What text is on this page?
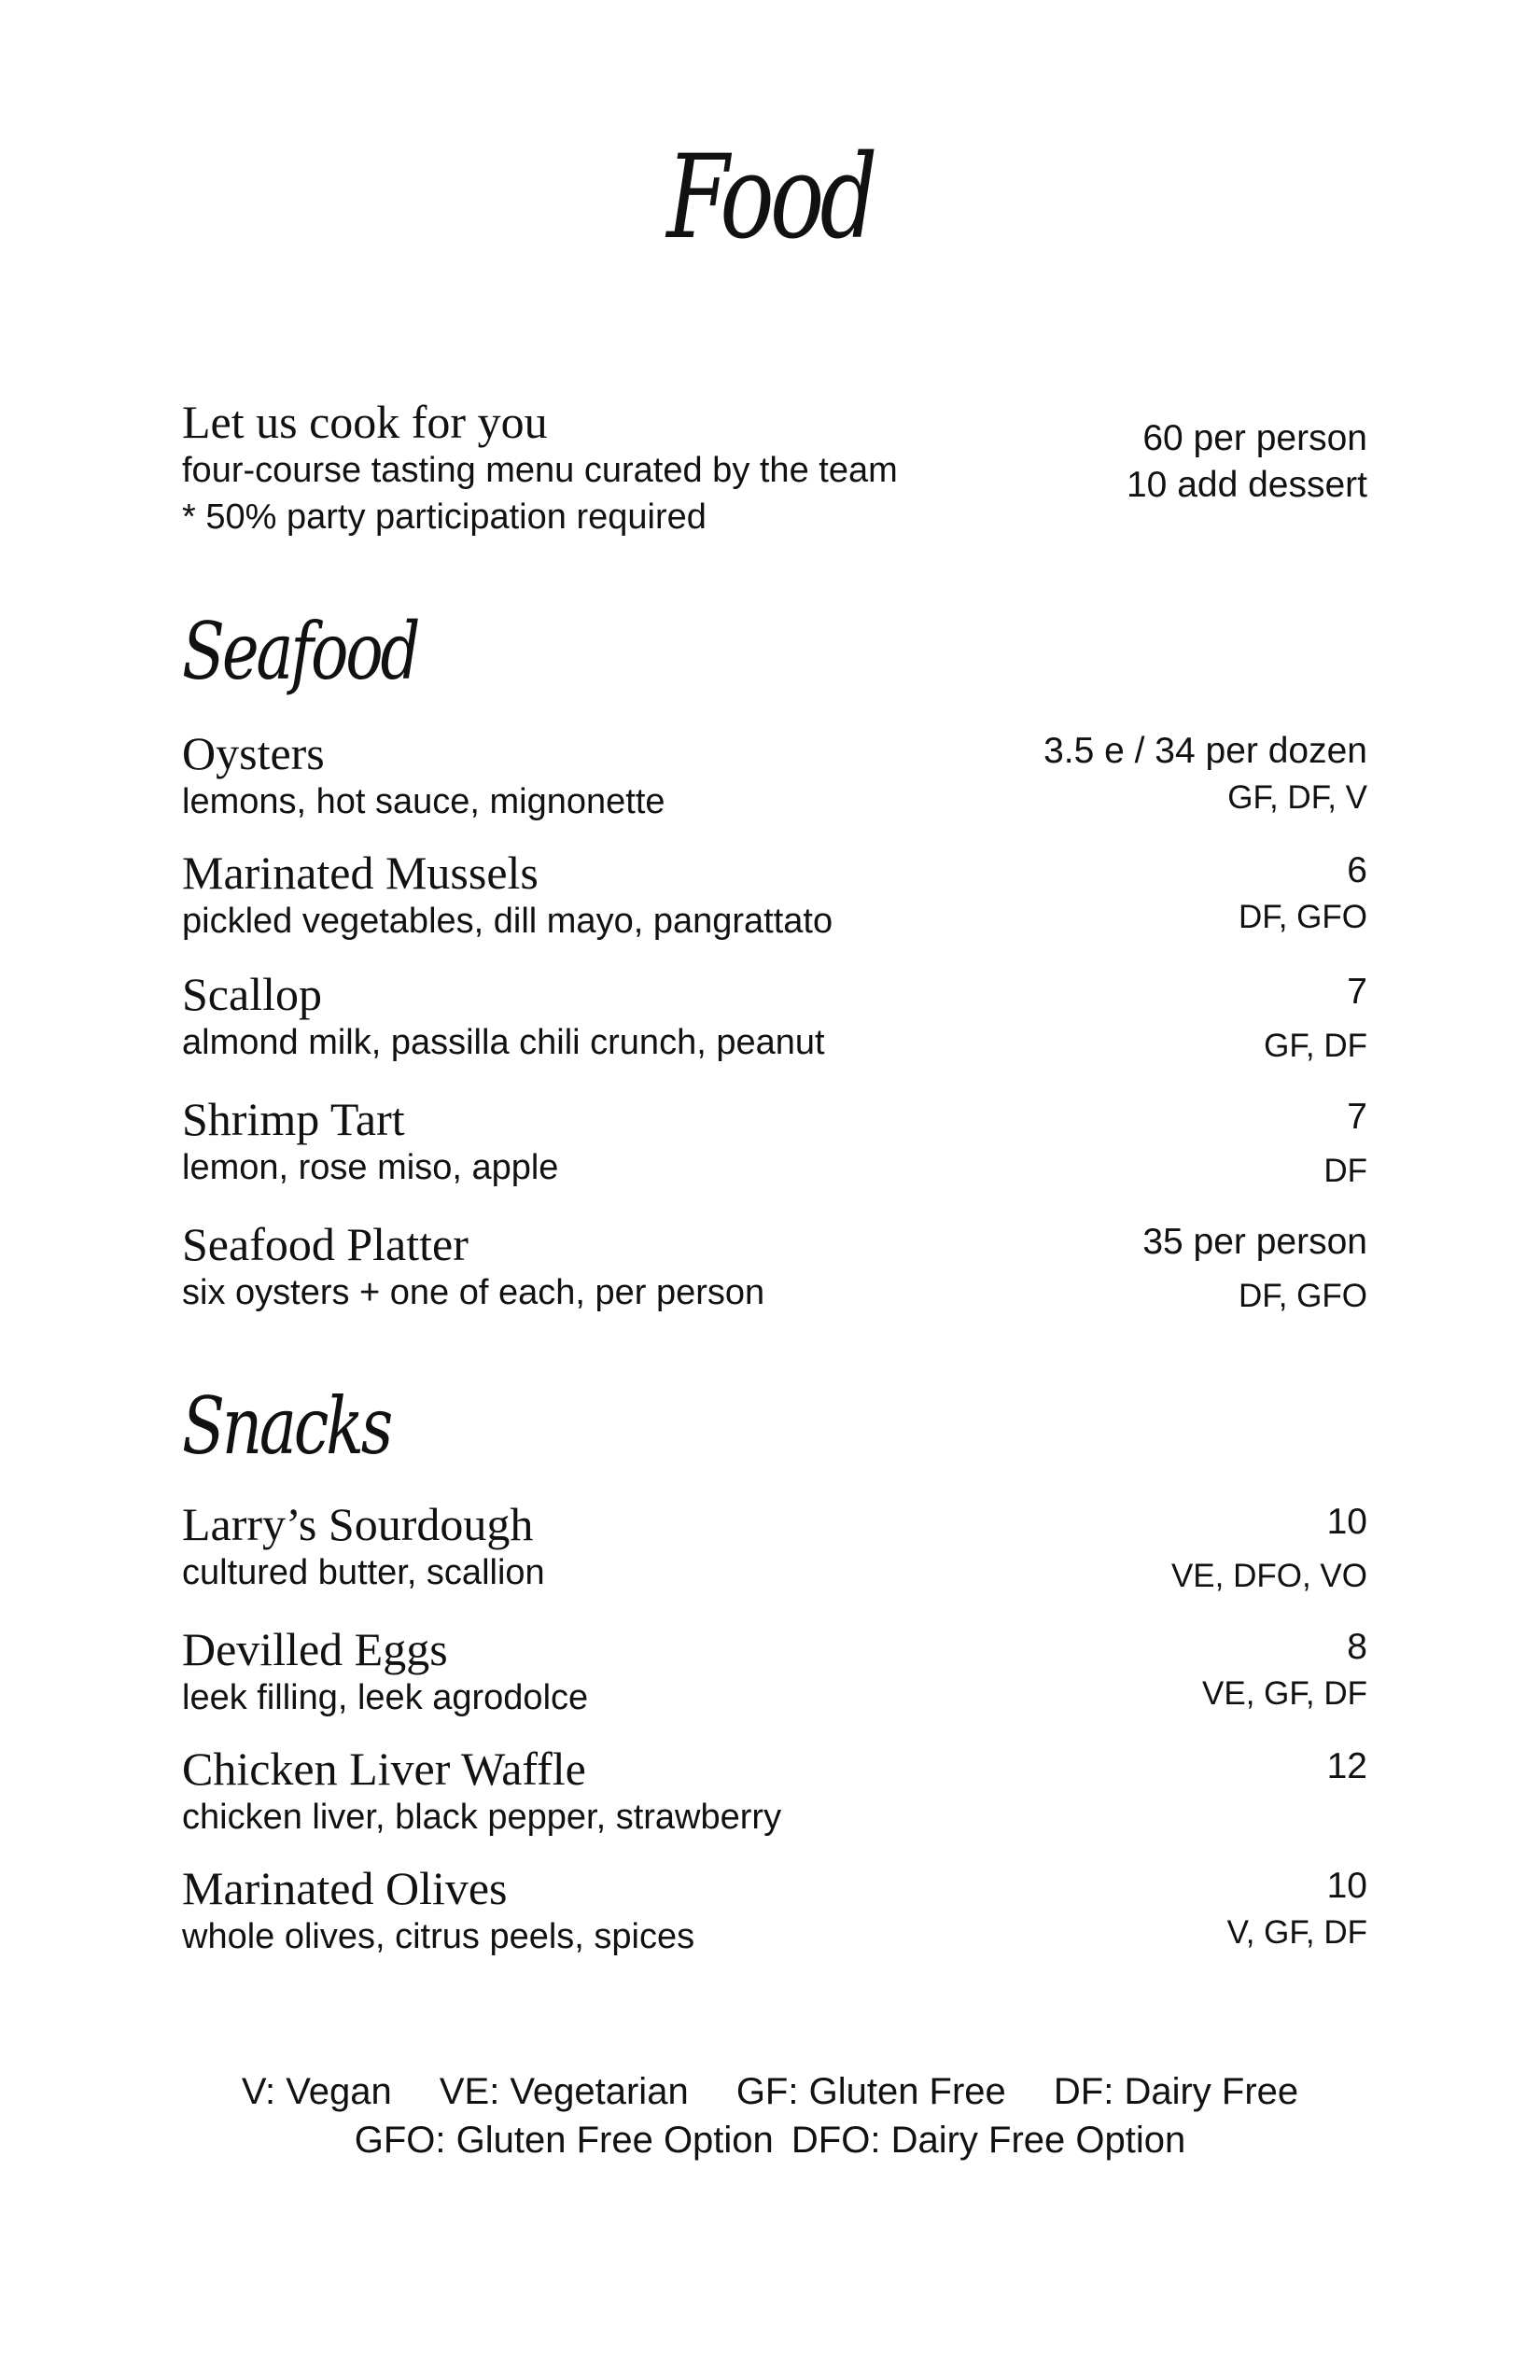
Food
Let us cook for you
four-course tasting menu curated by the team
* 50% party participation required
60 per person
10 add dessert
Seafood
Oysters
lemons, hot sauce, mignonette
3.5 e / 34 per dozen
GF, DF, V
Marinated Mussels
pickled vegetables, dill mayo, pangrattato
6
DF, GFO
Scallop
almond milk, passilla chili crunch, peanut
7
GF, DF
Shrimp Tart
lemon, rose miso, apple
7
DF
Seafood Platter
six oysters + one of each, per person
35 per person
DF, GFO
Snacks
Larry’s Sourdough
cultured butter, scallion
10
VE, DFO, VO
Devilled Eggs
leek filling, leek agrodolce
8
VE, GF, DF
Chicken Liver Waffle
chicken liver, black pepper, strawberry
12
Marinated Olives
whole olives, citrus peels, spices
10
V, GF, DF
V: Vegan VE: Vegetarian GF: Gluten Free DF: Dairy Free
GFO: Gluten Free Option DFO: Dairy Free Option
